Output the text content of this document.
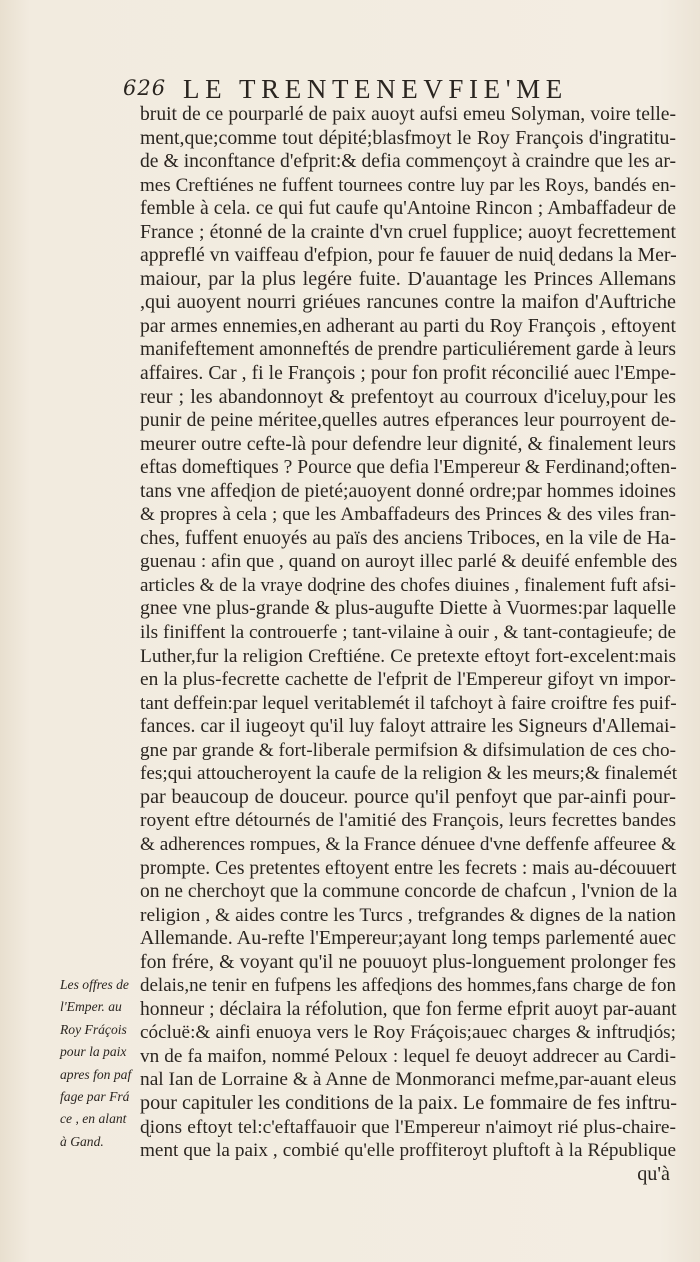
626 LE TRENTENEVFIE'ME
bruit de ce pourparlé de paix auoyt aufsi emeu Solyman, voire telle-
ment,que;comme tout dépité;blasfmoyt le Roy François d'ingratitu-
de & inconftance d'efprit:& defia commençoyt à craindre que les ar-
mes Creftiénes ne fuffent tournees contre luy par les Roys, bandés en-
femble à cela. ce qui fut caufe qu'Antoine Rincon ; Ambaffadeur de
France ; étonné de la crainte d'vn cruel fupplice; auoyt fecrettement
appreflé vn vaiffeau d'efpion, pour fe fauuer de nuiɖ dedans la Mer-
maiour, par la plus legére fuite. D'auantage les Princes Allemans
,qui auoyent nourri griéues rancunes contre la maifon d'Auftriche
par armes ennemies,en adherant au parti du Roy François , eftoyent
manifeftement amonneftés de prendre particuliérement garde à leurs
affaires. Car , fi le François ; pour fon profit réconcilié auec l'Empe-
reur ; les abandonnoyt & prefentoyt au courroux d'iceluy,pour les
punir de peine méritee,quelles autres efperances leur pourroyent de-
meurer outre cefte-là pour defendre leur dignité, & finalement leurs
eftas domeftiques ? Pource que defia l'Empereur & Ferdinand;often-
tans vne affeɖion de pieté;auoyent donné ordre;par hommes idoines
& propres à cela ; que les Ambaffadeurs des Princes & des viles fran-
ches, fuffent enuoyés au païs des anciens Triboces, en la vile de Ha-
guenau : afin que , quand on auroyt illec parlé & deuifé enfemble des
articles & de la vraye doɖrine des chofes diuines , finalement fuft afsi-
gnee vne plus-grande & plus-augufte Diette à Vuormes:par laquelle
ils finiffent la controuerfe ; tant-vilaine à ouir , & tant-contagieufe; de
Luther,fur la religion Creftiéne. Ce pretexte eftoyt fort-excelent:mais
en la plus-fecrette cachette de l'efprit de l'Empereur gifoyt vn impor-
tant deffein:par lequel veritablemét il tafchoyt à faire croiftre fes puif-
fances. car il iugeoyt qu'il luy faloyt attraire les Signeurs d'Allemai-
gne par grande & fort-liberale permifsion & difsimulation de ces cho-
fes;qui attoucheroyent la caufe de la religion & les meurs;& finalemét
par beaucoup de douceur. pource qu'il penfoyt que par-ainfi pour-
royent eftre détournés de l'amitié des François, leurs fecrettes bandes
& adherences rompues, & la France dénuee d'vne deffenfe affeuree &
prompte. Ces pretentes eftoyent entre les fecrets : mais au-découuert
on ne cherchoyt que la commune concorde de chafcun , l'vnion de la
religion , & aides contre les Turcs , trefgrandes & dignes de la nation
Allemande. Au-refte l'Empereur;ayant long temps parlementé auec
fon frére, & voyant qu'il ne pouuoyt plus-longuement prolonger fes
delais,ne tenir en fufpens les affeɖions des hommes,fans charge de fon
honneur ; déclaira la réfolution, que fon ferme efprit auoyt par-auant
cócluë:& ainfi enuoya vers le Roy Fráçois;auec charges & inftruɖiós;
vn de fa maifon, nommé Peloux : lequel fe deuoyt addrecer au Cardi-
nal Ian de Lorraine & à Anne de Monmoranci mefme,par-auant eleus
pour capituler les conditions de la paix. Le fommaire de fes inftru-
ɖions eftoyt tel:c'eftaffauoir que l'Empereur n'aimoyt rié plus-chaire-
ment que la paix , combié qu'elle proffiteroyt pluftoft à la République
qu'à
Les offres de
l'Emper. au
Roy Fráçois
pour la paix
apres fon paf
fage par Frá
ce , en alant
à Gand.
